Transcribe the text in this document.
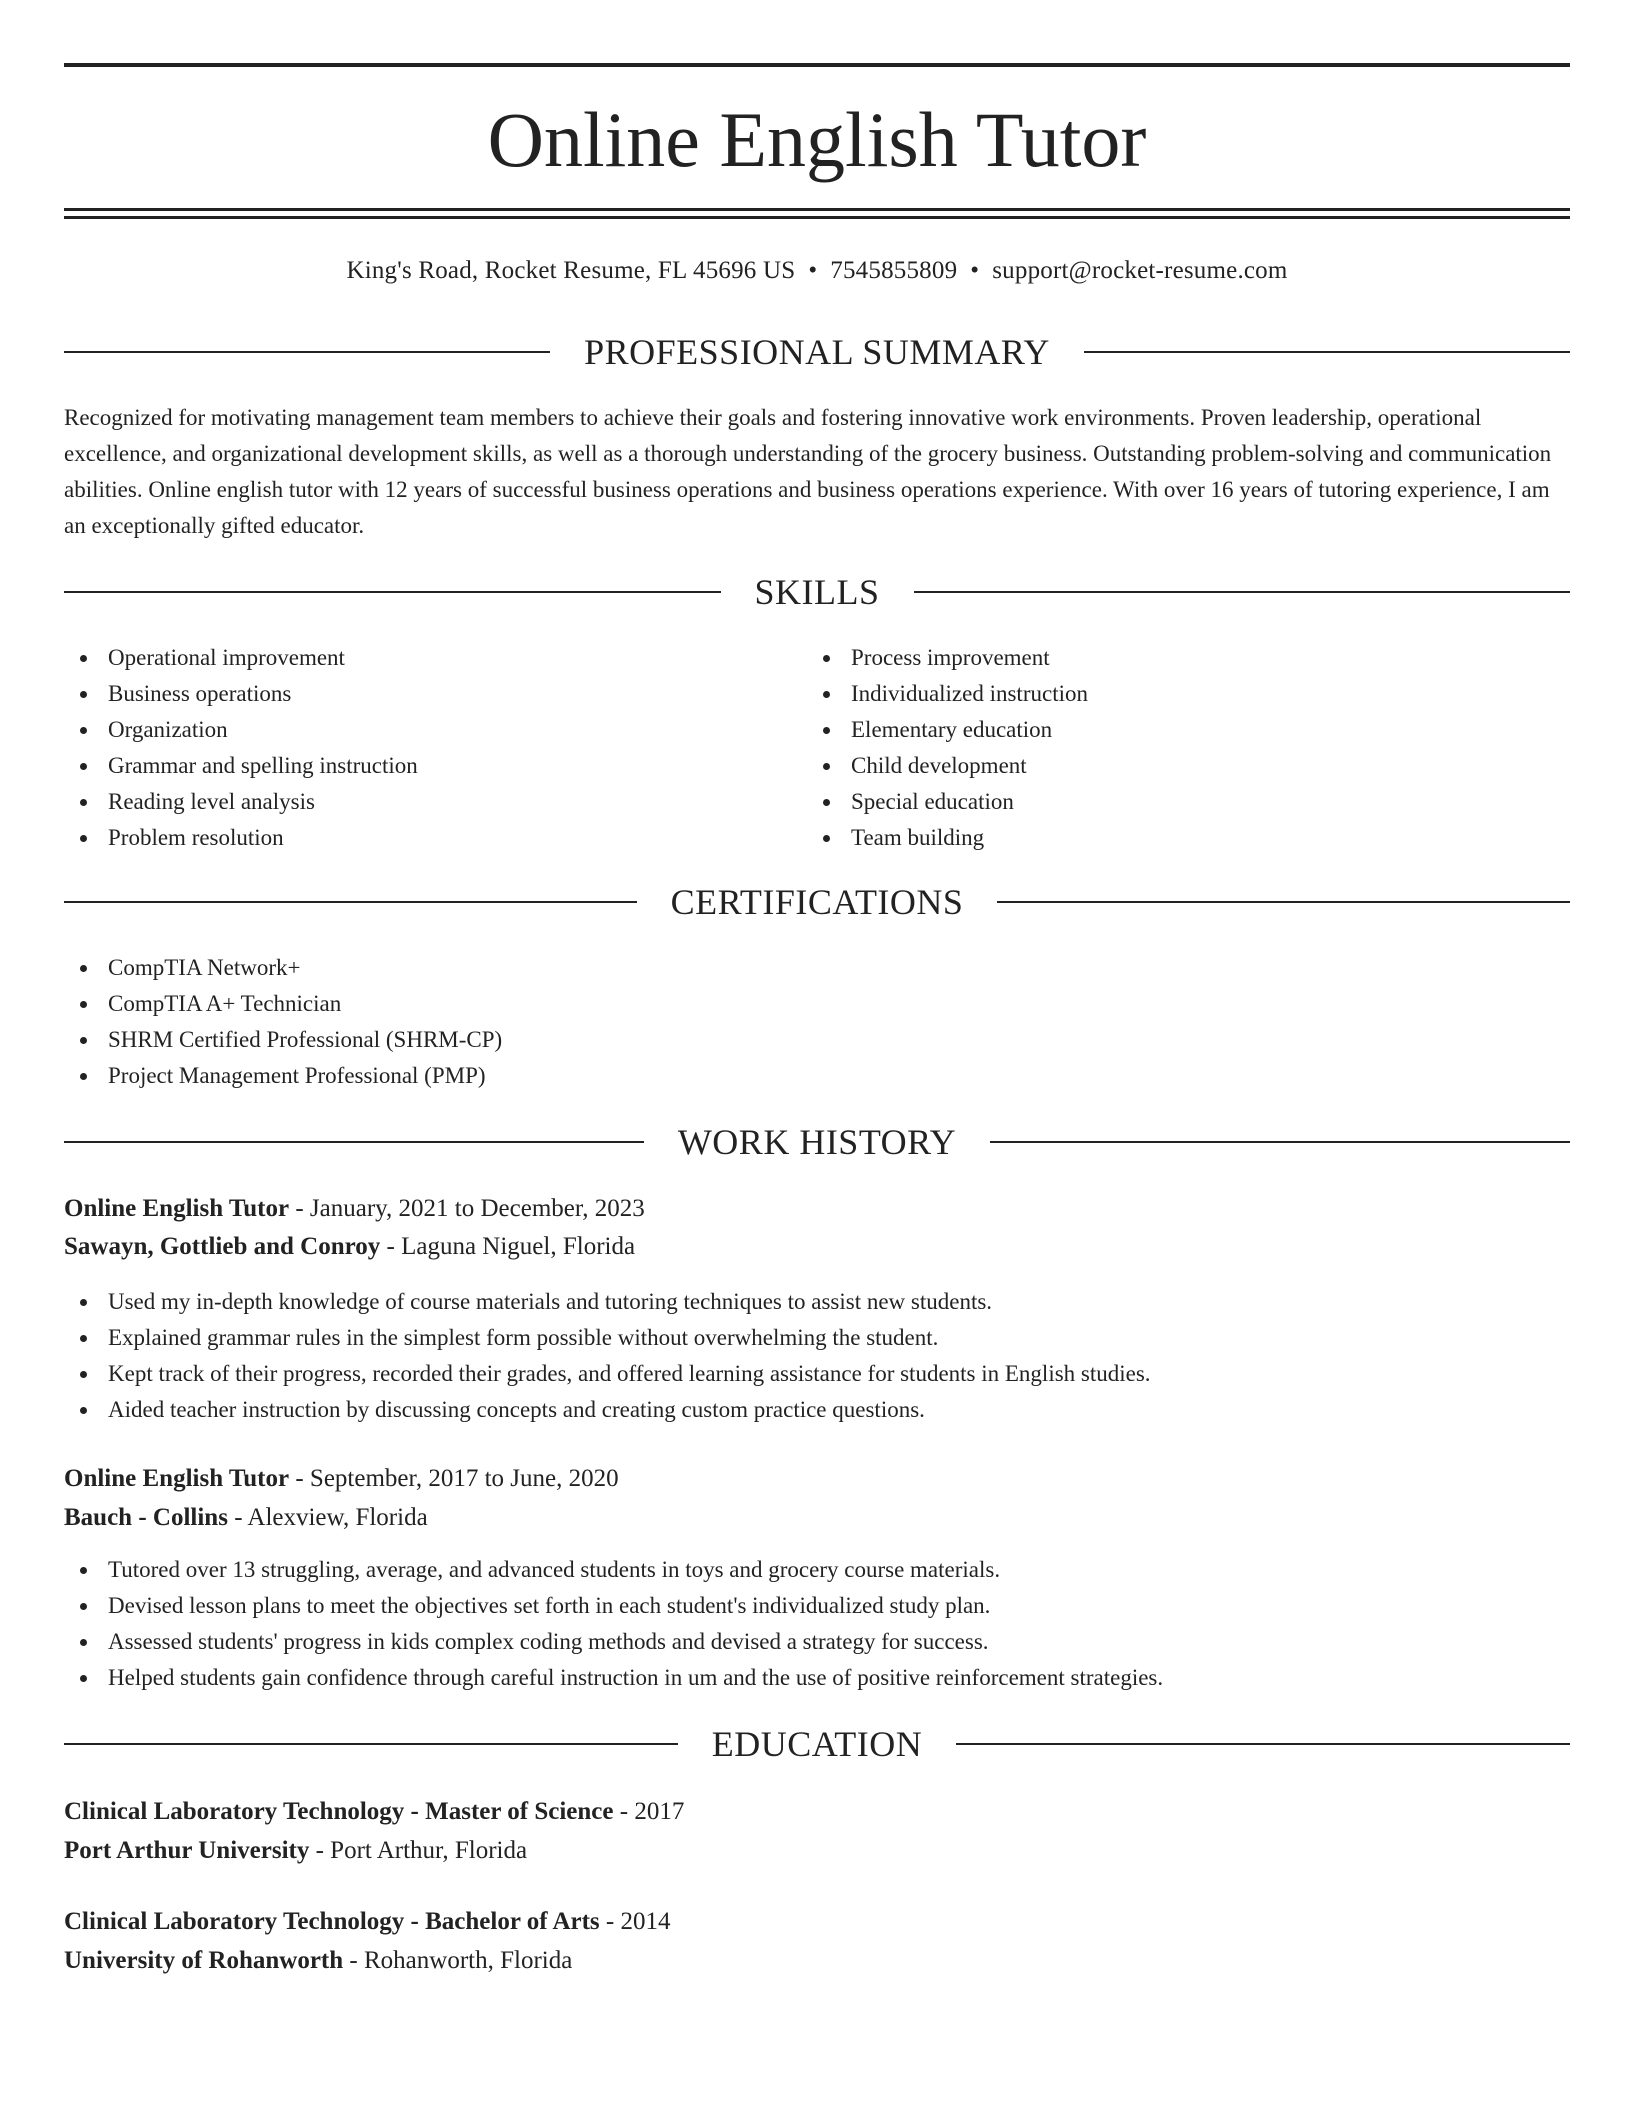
Online English Tutor
King's Road, Rocket Resume, FL 45696 US • 7545855809 • support@rocket-resume.com
PROFESSIONAL SUMMARY

Recognized for motivating management team members to achieve their goals and fostering innovative work environments. Proven leadership, operational excellence, and organizational development skills, as well as a thorough understanding of the grocery business. Outstanding problem-solving and communication abilities. Online english tutor with 12 years of successful business operations and business operations experience. With over 16 years of tutoring experience, I am an exceptionally gifted educator.

SKILLS
Operational improvement
Business operations
Organization
Grammar and spelling instruction
Reading level analysis
Problem resolution
Process improvement
Individualized instruction
Elementary education
Child development
Special education
Team building
CERTIFICATIONS
CompTIA Network+
CompTIA A+ Technician
SHRM Certified Professional (SHRM-CP)
Project Management Professional (PMP)
WORK HISTORY
Online English Tutor - January, 2021 to December, 2023
Sawayn, Gottlieb and Conroy - Laguna Niguel, Florida
Used my in-depth knowledge of course materials and tutoring techniques to assist new students.
Explained grammar rules in the simplest form possible without overwhelming the student.
Kept track of their progress, recorded their grades, and offered learning assistance for students in English studies.
Aided teacher instruction by discussing concepts and creating custom practice questions.
Online English Tutor - September, 2017 to June, 2020
Bauch - Collins - Alexview, Florida
Tutored over 13 struggling, average, and advanced students in toys and grocery course materials.
Devised lesson plans to meet the objectives set forth in each student's individualized study plan.
Assessed students' progress in kids complex coding methods and devised a strategy for success.
Helped students gain confidence through careful instruction in um and the use of positive reinforcement strategies.
EDUCATION
Clinical Laboratory Technology - Master of Science - 2017
Port Arthur University - Port Arthur, Florida
Clinical Laboratory Technology - Bachelor of Arts - 2014
University of Rohanworth - Rohanworth, Florida
